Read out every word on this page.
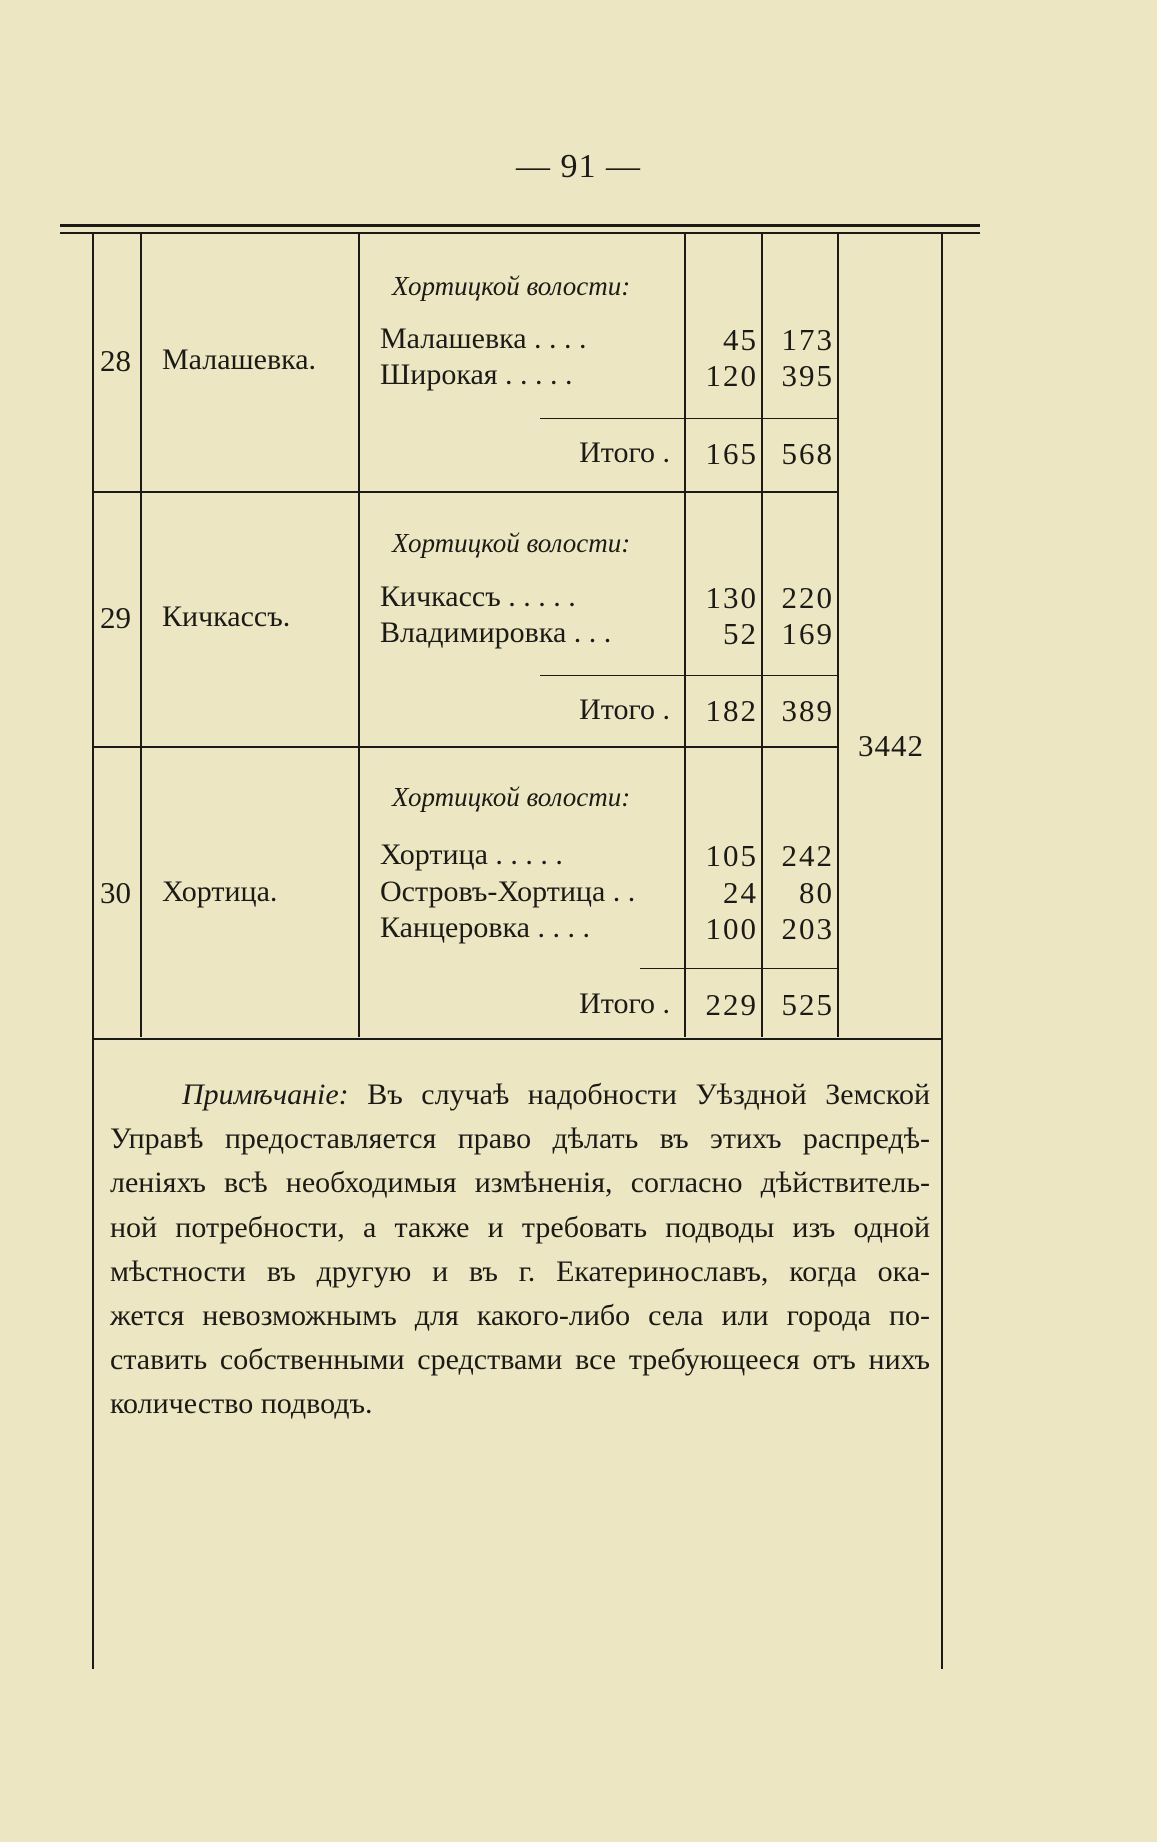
— 91 —
28 Малашевка.
Хортицкой волости:
Малашевка . . . .	45 173
Широкая . . . . .	120 395
Итого .	165 568
29 Кичкассъ.
Хортицкой волости:
Кичкассъ . . . . .	130 220
Владимировка . . .	52 169
Итого .	182 389
3442
30 Хортица.
Хортицкой волости:
Хортица . . . . .	105 242
Островъ-Хортица . .	24	80
Канцеровка . . . .	100 203
Итого .	229 525
Примѣчаніе: Въ случаѣ надобности Уѣздной Земской
Управѣ предоставляется право дѣлать въ этихъ распредѣ-
леніяхъ всѣ необходимыя измѣненія, согласно дѣйствитель-
ной потребности, а также и требовать подводы изъ одной
мѣстности въ другую и въ г. Екатеринославъ, когда ока-
жется невозможнымъ для какого-либо села или города по-
ставить собственными средствами все требующееся отъ нихъ
количество подводъ.
